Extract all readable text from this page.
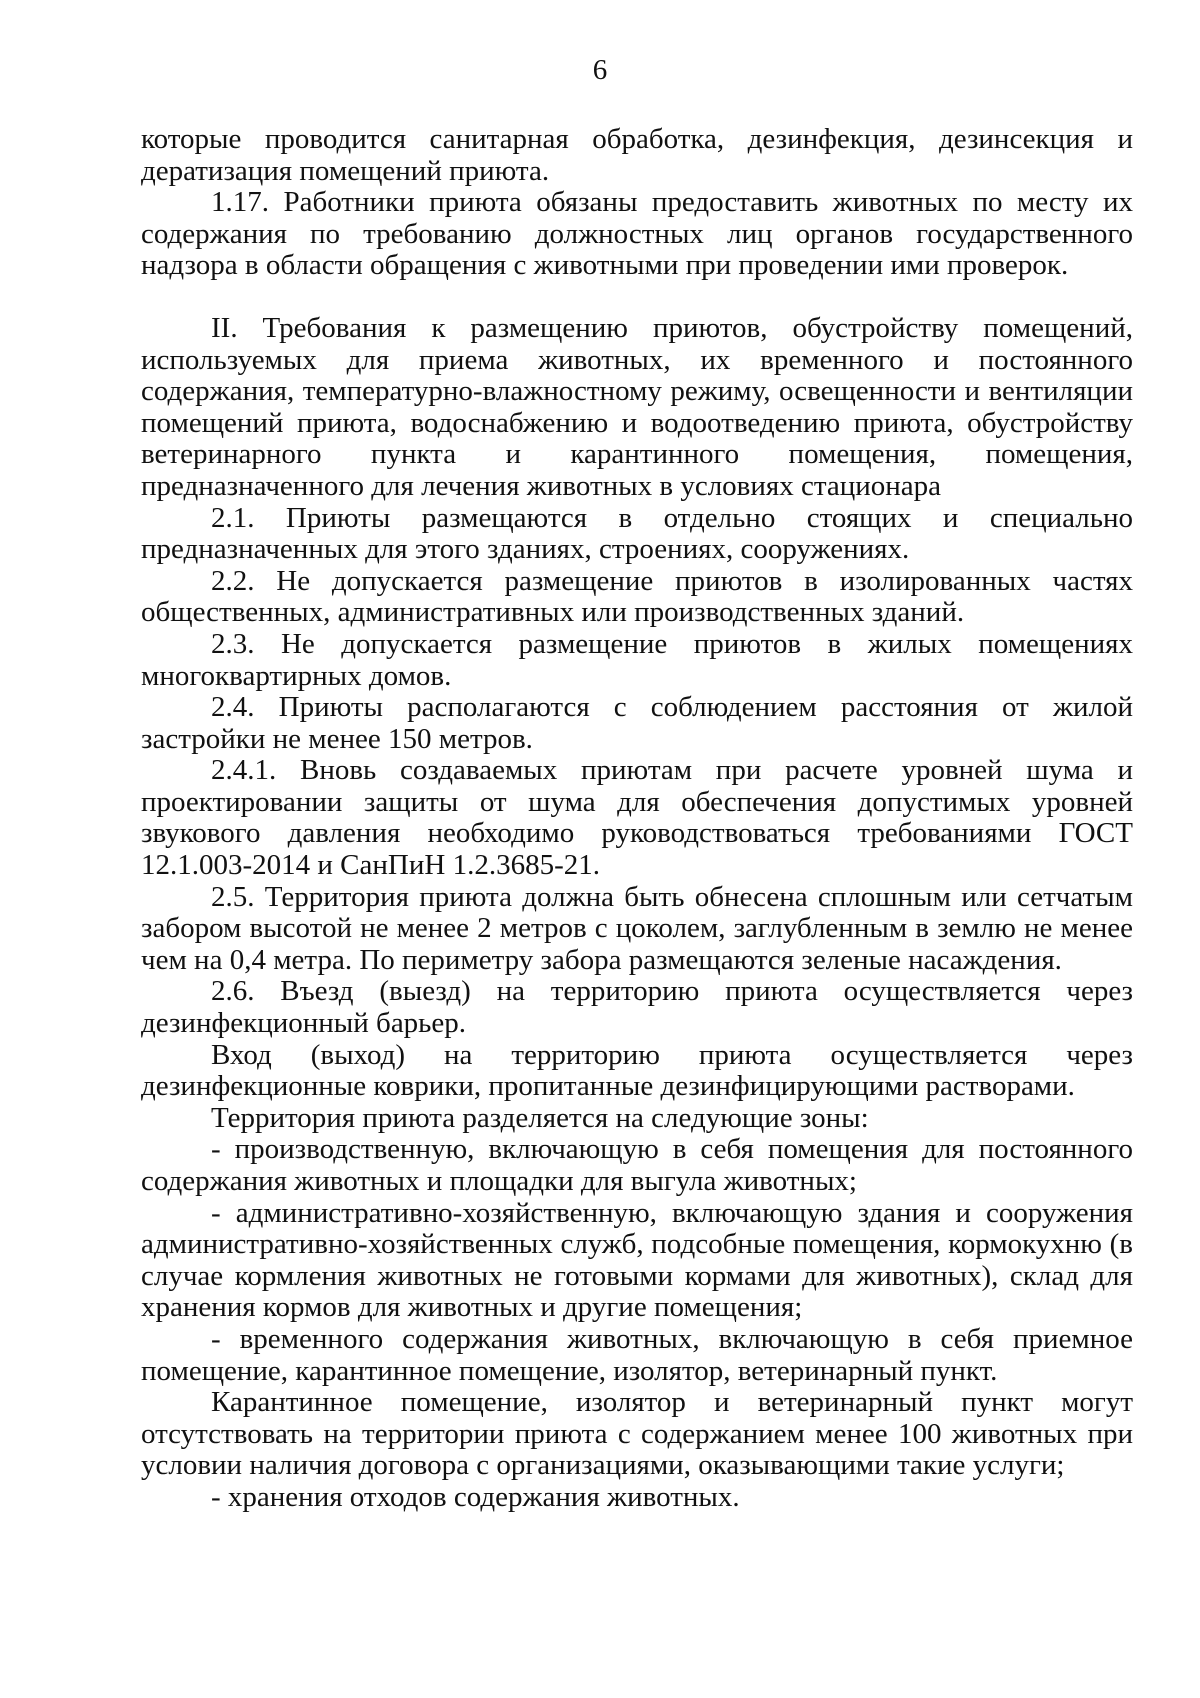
6

которые проводится санитарная обработка, дезинфекция, дезинсекция и дератизация помещений приюта.

1.17. Работники приюта обязаны предоставить животных по месту их содержания по требованию должностных лиц органов государственного надзора в области обращения с животными при проведении ими проверок.

II. Требования к размещению приютов, обустройству помещений, используемых для приема животных, их временного и постоянного содержания, температурно-влажностному режиму, освещенности и вентиляции помещений приюта, водоснабжению и водоотведению приюта, обустройству ветеринарного пункта и карантинного помещения, помещения, предназначенного для лечения животных в условиях стационара

2.1. Приюты размещаются в отдельно стоящих и специально предназначенных для этого зданиях, строениях, сооружениях.

2.2. Не допускается размещение приютов в изолированных частях общественных, административных или производственных зданий.

2.3. Не допускается размещение приютов в жилых помещениях многоквартирных домов.

2.4. Приюты располагаются с соблюдением расстояния от жилой застройки не менее 150 метров.

2.4.1. Вновь создаваемых приютам при расчете уровней шума и проектировании защиты от шума для обеспечения допустимых уровней звукового давления необходимо руководствоваться требованиями ГОСТ 12.1.003-2014 и СанПиН 1.2.3685-21.

2.5. Территория приюта должна быть обнесена сплошным или сетчатым забором высотой не менее 2 метров с цоколем, заглубленным в землю не менее чем на 0,4 метра. По периметру забора размещаются зеленые насаждения.

2.6. Въезд (выезд) на территорию приюта осуществляется через дезинфекционный барьер.

Вход (выход) на территорию приюта осуществляется через дезинфекционные коврики, пропитанные дезинфицирующими растворами.

Территория приюта разделяется на следующие зоны:

- производственную, включающую в себя помещения для постоянного содержания животных и площадки для выгула животных;

- административно-хозяйственную, включающую здания и сооружения административно-хозяйственных служб, подсобные помещения, кормокухню (в случае кормления животных не готовыми кормами для животных), склад для хранения кормов для животных и другие помещения;

- временного содержания животных, включающую в себя приемное помещение, карантинное помещение, изолятор, ветеринарный пункт.

Карантинное помещение, изолятор и ветеринарный пункт могут отсутствовать на территории приюта с содержанием менее 100 животных при условии наличия договора с организациями, оказывающими такие услуги;

- хранения отходов содержания животных.
